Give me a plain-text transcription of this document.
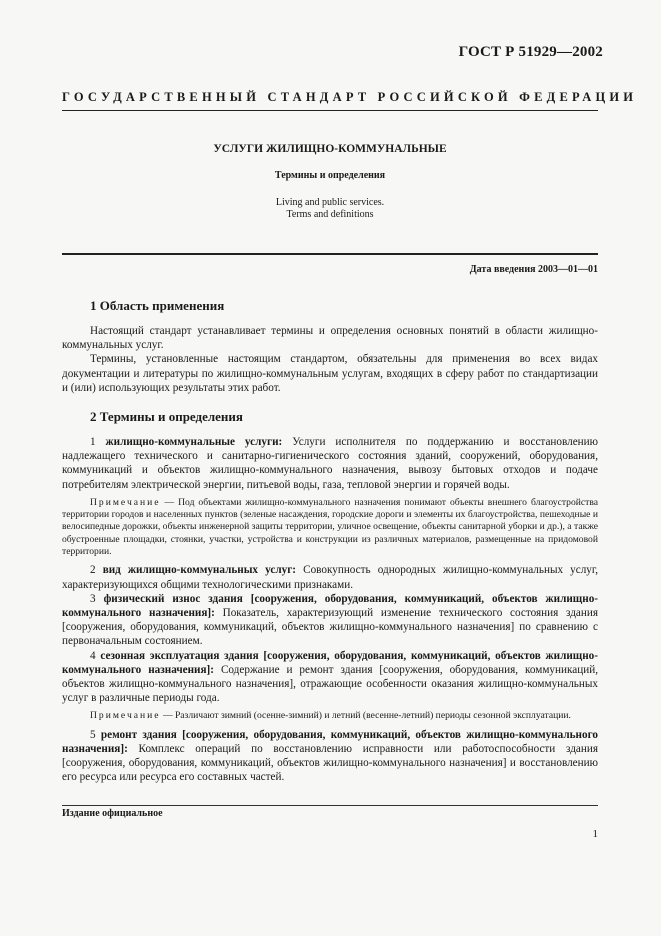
ГОСТ Р 51929—2002
ГОСУДАРСТВЕННЫЙ СТАНДАРТ РОССИЙСКОЙ ФЕДЕРАЦИИ
УСЛУГИ ЖИЛИЩНО-КОММУНАЛЬНЫЕ
Термины и определения
Living and public services.
Terms and definitions
Дата введения 2003—01—01
1 Область применения

Настоящий стандарт устанавливает термины и определения основных понятий в области жилищно-коммунальных услуг.

Термины, установленные настоящим стандартом, обязательны для применения во всех видах документации и литературы по жилищно-коммунальным услугам, входящих в сферу работ по стандартизации и (или) использующих результаты этих работ.

2 Термины и определения

1 жилищно-коммунальные услуги: Услуги исполнителя по поддержанию и восстановлению надлежащего технического и санитарно-гигиенического состояния зданий, сооружений, оборудования, коммуникаций и объектов жилищно-коммунального назначения, вывозу бытовых отходов и подаче потребителям электрической энергии, питьевой воды, газа, тепловой энергии и горячей воды.

Примечание — Под объектами жилищно-коммунального назначения понимают объекты внешнего благоустройства территории городов и населенных пунктов (зеленые насаждения, городские дороги и элементы их благоустройства, пешеходные и велосипедные дорожки, объекты инженерной защиты территории, уличное освещение, объекты санитарной уборки и др.), а также обустроенные площадки, стоянки, участки, устройства и конструкции из различных материалов, размещенные на придомовой территории.

2 вид жилищно-коммунальных услуг: Совокупность однородных жилищно-коммунальных услуг, характеризующихся общими технологическими признаками.

3 физический износ здания [сооружения, оборудования, коммуникаций, объектов жилищно-коммунального назначения]: Показатель, характеризующий изменение технического состояния здания [сооружения, оборудования, коммуникаций, объектов жилищно-коммунального назначения] по сравнению с первоначальным состоянием.

4 сезонная эксплуатация здания [сооружения, оборудования, коммуникаций, объектов жилищно-коммунального назначения]: Содержание и ремонт здания [сооружения, оборудования, коммуникаций, объектов жилищно-коммунального назначения], отражающие особенности оказания жилищно-коммунальных услуг в различные периоды года.

Примечание — Различают зимний (осенне-зимний) и летний (весенне-летний) периоды сезонной эксплуатации.

5 ремонт здания [сооружения, оборудования, коммуникаций, объектов жилищно-коммунального назначения]: Комплекс операций по восстановлению исправности или работоспособности здания [сооружения, оборудования, коммуникаций, объектов жилищно-коммунального назначения] и восстановлению его ресурса или ресурса его составных частей.

Издание официальное
1
